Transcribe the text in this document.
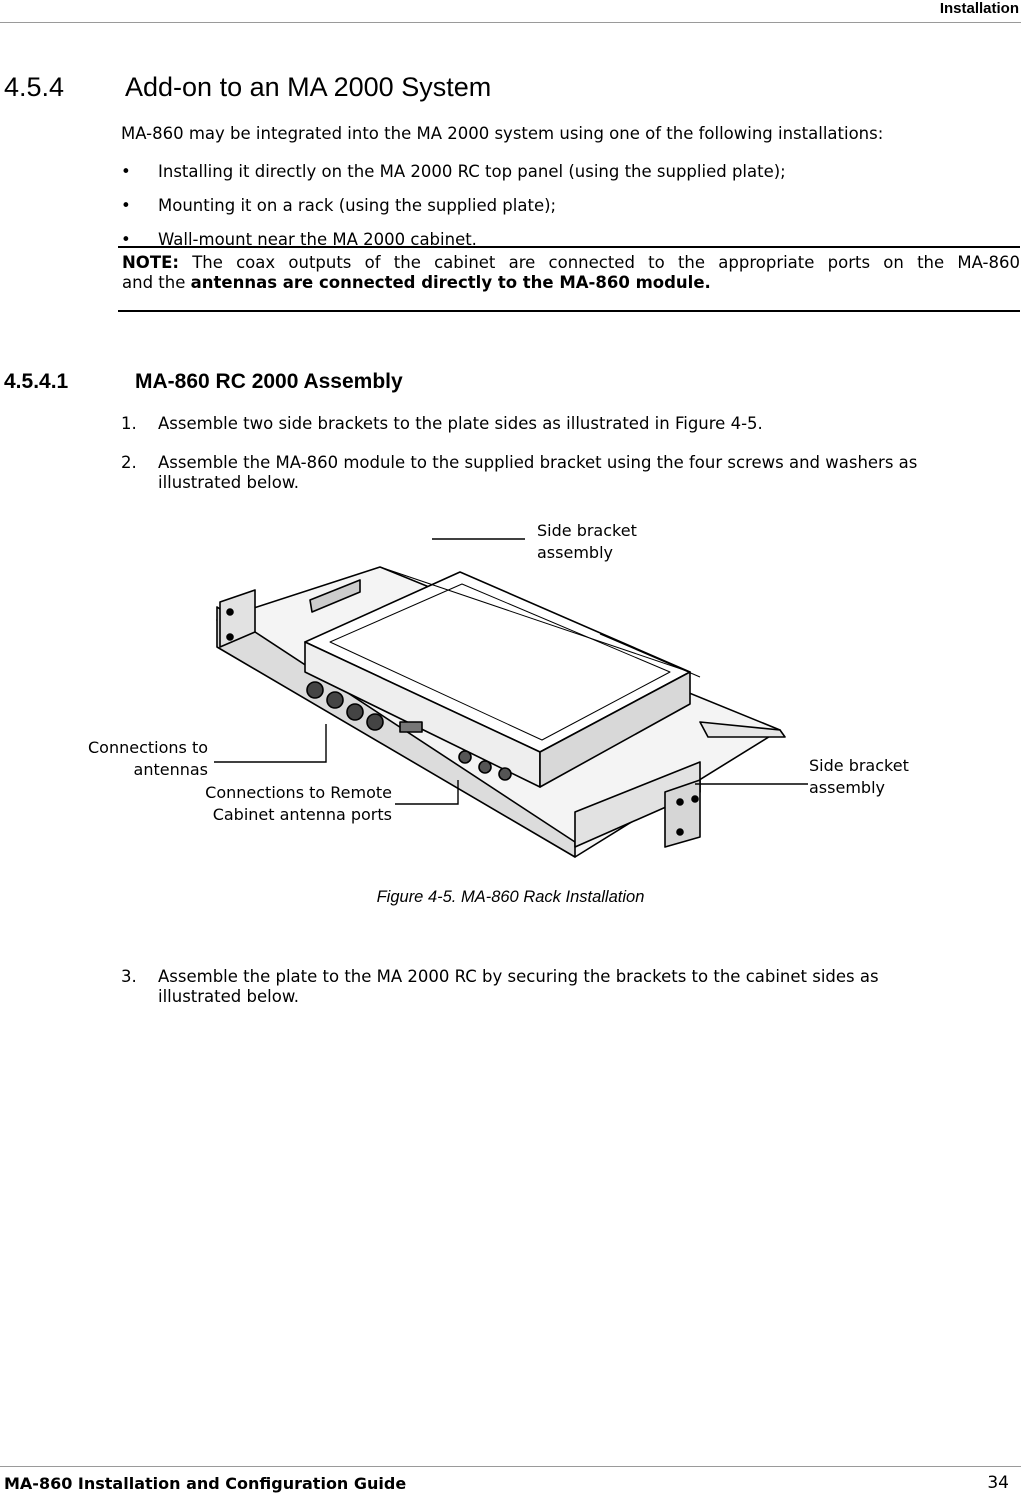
Installation
4.5.4 Add-on to an MA 2000 System
MA-860 may be integrated into the MA 2000 system using one of the following installations:
• Installing it directly on the MA 2000 RC top panel (using the supplied plate);
• Mounting it on a rack (using the supplied plate);
• Wall-mount near the MA 2000 cabinet.

NOTE: The coax outputs of the cabinet are connected to the appropriate ports on the MA-860

and the antennas are connected directly to the MA-860 module.

4.5.4.1	MA-860 RC 2000 Assembly
1. Assemble two side brackets to the plate sides as illustrated in Figure 4-5.
2. Assemble the MA-860 module to the supplied bracket using the four screws and washers as
illustrated below.
Side bracket
assembly
Side bracket
assembly
Connections to
antennas
Connections to Remote
Cabinet antenna ports
Figure 4-5. MA-860 Rack Installation
3. Assemble the plate to the MA 2000 RC by securing the brackets to the cabinet sides as
illustrated below.
MA-860 Installation and Configuration Guide	34
